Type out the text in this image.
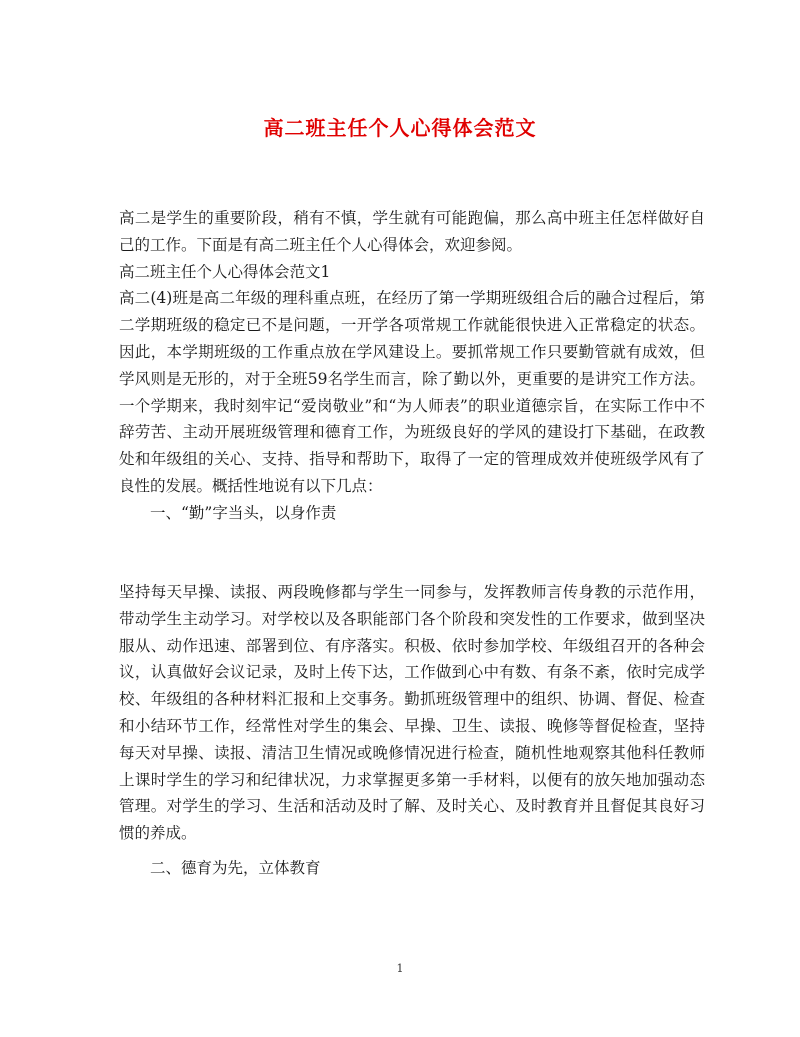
高二班主任个人心得体会范文

高二是学生的重要阶段，稍有不慎，学生就有可能跑偏，那么高中班主任怎样做好自己的工作。下面是有高二班主任个人心得体会，欢迎参阅。

高二班主任个人心得体会范文1

高二(4)班是高二年级的理科重点班，在经历了第一学期班级组合后的融合过程后，第二学期班级的稳定已不是问题，一开学各项常规工作就能很快进入正常稳定的状态。因此，本学期班级的工作重点放在学风建设上。要抓常规工作只要勤管就有成效，但学风则是无形的，对于全班59名学生而言，除了勤以外，更重要的是讲究工作方法。一个学期来，我时刻牢记“爱岗敬业”和“为人师表”的职业道德宗旨，在实际工作中不辞劳苦、主动开展班级管理和德育工作，为班级良好的学风的建设打下基础，在政教处和年级组的关心、支持、指导和帮助下，取得了一定的管理成效并使班级学风有了良性的发展。概括性地说有以下几点：

一、“勤”字当头，以身作责

坚持每天早操、读报、两段晚修都与学生一同参与，发挥教师言传身教的示范作用，带动学生主动学习。对学校以及各职能部门各个阶段和突发性的工作要求，做到坚决服从、动作迅速、部署到位、有序落实。积极、依时参加学校、年级组召开的各种会议，认真做好会议记录，及时上传下达，工作做到心中有数、有条不紊，依时完成学校、年级组的各种材料汇报和上交事务。勤抓班级管理中的组织、协调、督促、检查和小结环节工作，经常性对学生的集会、早操、卫生、读报、晚修等督促检查，坚持每天对早操、读报、清洁卫生情况或晚修情况进行检查，随机性地观察其他科任教师上课时学生的学习和纪律状况，力求掌握更多第一手材料，以便有的放矢地加强动态管理。对学生的学习、生活和活动及时了解、及时关心、及时教育并且督促其良好习惯的养成。

二、德育为先，立体教育

1
